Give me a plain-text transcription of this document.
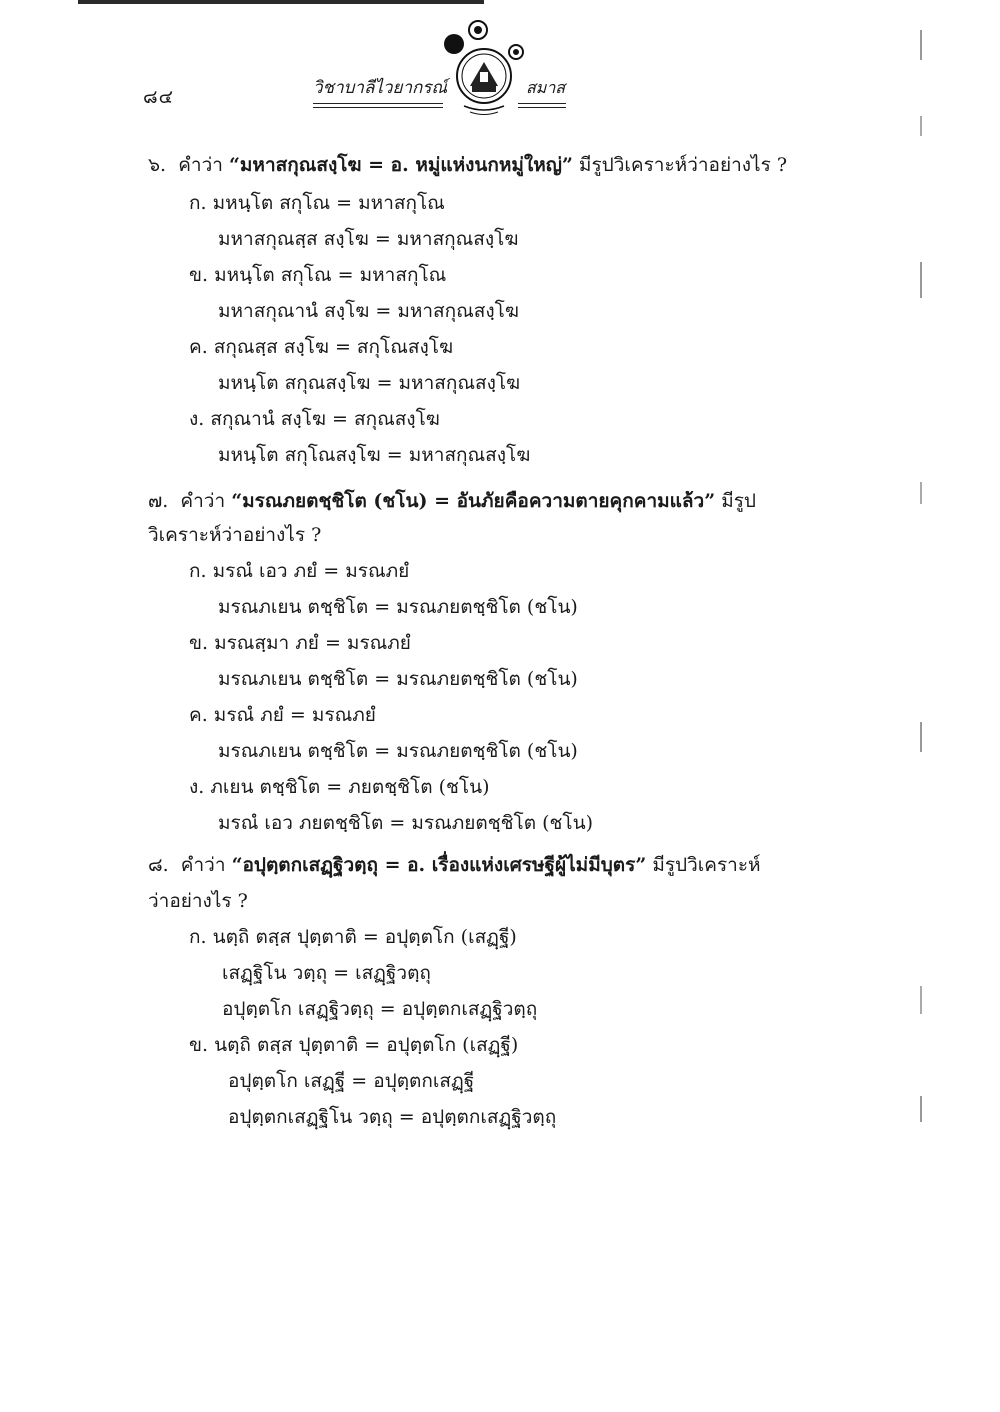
๘๔	วิชาบาลีไวยากรณ์	สมาส
๖. คำว่า “มหาสกุณสงฺโฆ = อ. หมู่แห่งนกหมู่ใหญ่” มีรูปวิเคราะห์ว่าอย่างไร ?
ก. มหนฺโต สกุโณ = มหาสกุโณ
มหาสกุณสฺส สงฺโฆ = มหาสกุณสงฺโฆ
ข. มหนฺโต สกุโณ = มหาสกุโณ
มหาสกุณานํ สงฺโฆ = มหาสกุณสงฺโฆ
ค. สกุณสฺส สงฺโฆ = สกุโณสงฺโฆ
มหนฺโต สกุณสงฺโฆ = มหาสกุณสงฺโฆ
ง. สกุณานํ สงฺโฆ = สกุณสงฺโฆ
มหนฺโต สกุโณสงฺโฆ = มหาสกุณสงฺโฆ
๗. คำว่า “มรณภยตชฺชิโต (ชโน) = อันภัยคือความตายคุกคามแล้ว” มีรูป
วิเคราะห์ว่าอย่างไร ?
ก. มรณํ เอว ภยํ = มรณภยํ
มรณภเยน ตชฺชิโต = มรณภยตชฺชิโต (ชโน)
ข. มรณสฺมา ภยํ = มรณภยํ
มรณภเยน ตชฺชิโต = มรณภยตชฺชิโต (ชโน)
ค. มรณํ ภยํ = มรณภยํ
มรณภเยน ตชฺชิโต = มรณภยตชฺชิโต (ชโน)
ง. ภเยน ตชฺชิโต = ภยตชฺชิโต (ชโน)
มรณํ เอว ภยตชฺชิโต = มรณภยตชฺชิโต (ชโน)
๘. คำว่า “อปุตฺตกเสฏฺฐิวตฺถุ = อ. เรื่องแห่งเศรษฐีผู้ไม่มีบุตร” มีรูปวิเคราะห์
ว่าอย่างไร ?
ก. นตฺถิ ตสฺส ปุตฺตาติ = อปุตฺตโก (เสฏฺฐี)
เสฏฺฐิโน วตฺถุ = เสฏฺฐิวตฺถุ
อปุตฺตโก เสฏฺฐิวตฺถุ = อปุตฺตกเสฏฺฐิวตฺถุ
ข. นตฺถิ ตสฺส ปุตฺตาติ = อปุตฺตโก (เสฏฺฐี)
อปุตฺตโก เสฏฺฐี = อปุตฺตกเสฏฺฐี
อปุตฺตกเสฏฺฐิโน วตฺถุ = อปุตฺตกเสฏฺฐิวตฺถุ
